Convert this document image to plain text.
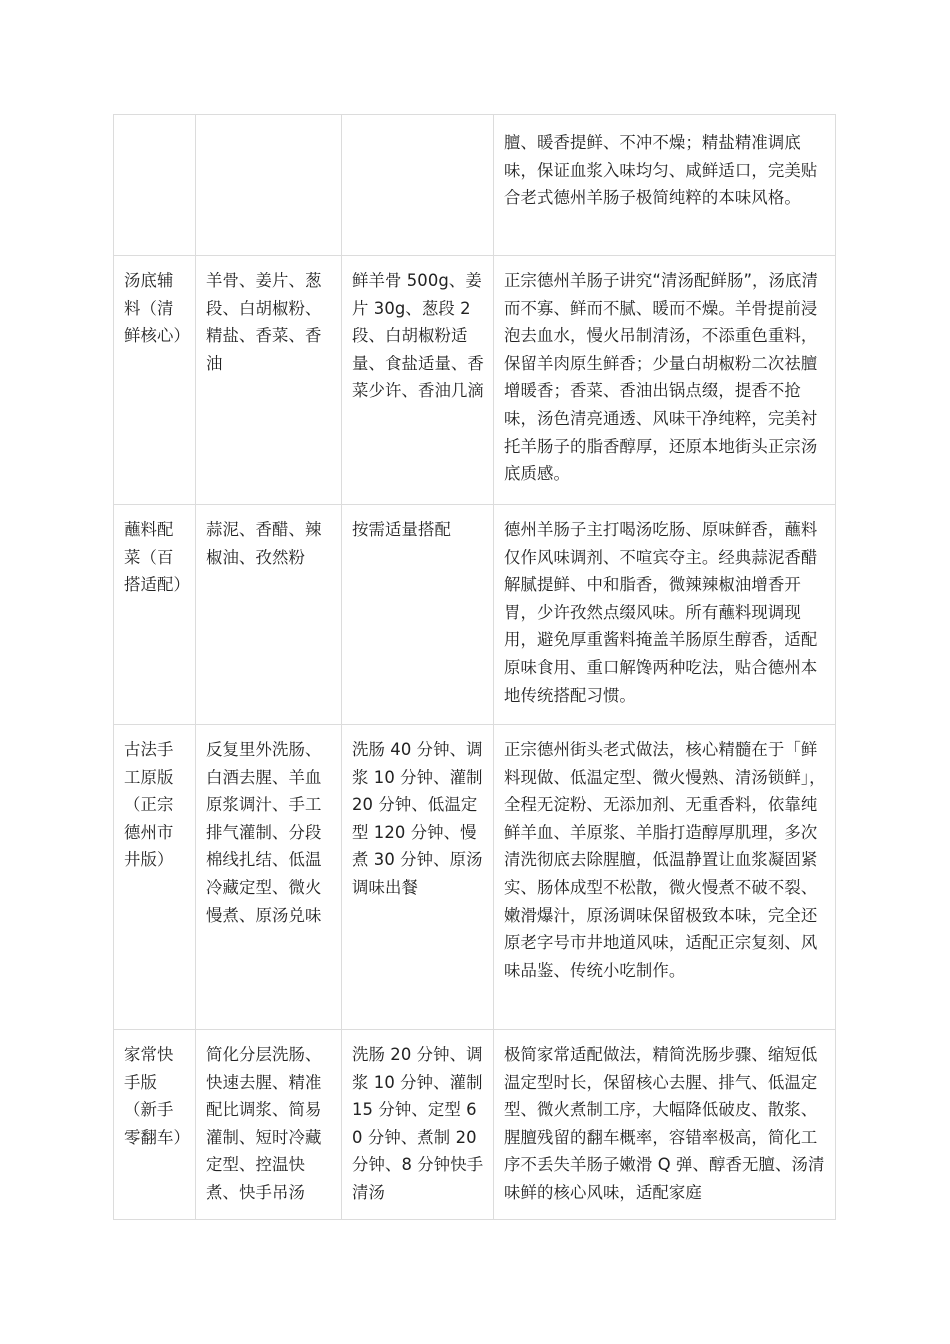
			膻、暖香提鲜、不冲不燥；精盐精准调底味，保证血浆入味均匀、咸鲜适口，完美贴合老式德州羊肠子极简纯粹的本味风格。

汤底辅料（清鲜核心）	羊骨、姜片、葱段、白胡椒粉、精盐、香菜、香油	鲜羊骨 500g、姜片 30g、葱段 2 段、白胡椒粉适量、食盐适量、香菜少许、香油几滴	正宗德州羊肠子讲究“清汤配鲜肠”，汤底清而不寡、鲜而不腻、暖而不燥。羊骨提前浸泡去血水，慢火吊制清汤，不添重色重料，保留羊肉原生鲜香；少量白胡椒粉二次祛膻增暖香；香菜、香油出锅点缀，提香不抢味，汤色清亮通透、风味干净纯粹，完美衬托羊肠子的脂香醇厚，还原本地街头正宗汤底质感。

蘸料配菜（百搭适配）	蒜泥、香醋、辣椒油、孜然粉	按需适量搭配	德州羊肠子主打喝汤吃肠、原味鲜香，蘸料仅作风味调剂、不喧宾夺主。经典蒜泥香醋解腻提鲜、中和脂香，微辣辣椒油增香开胃，少许孜然点缀风味。所有蘸料现调现用，避免厚重酱料掩盖羊肠原生醇香，适配原味食用、重口解馋两种吃法，贴合德州本地传统搭配习惯。

古法手工原版（正宗德州市井版）	反复里外洗肠、白酒去腥、羊血原浆调汁、手工排气灌制、分段棉线扎结、低温冷藏定型、微火慢煮、原汤兑味	洗肠 40 分钟、调浆 10 分钟、灌制 20 分钟、低温定型 120 分钟、慢煮 30 分钟、原汤调味出餐	正宗德州街头老式做法，核心精髓在于「鲜料现做、低温定型、微火慢熟、清汤锁鲜」，全程无淀粉、无添加剂、无重香料，依靠纯鲜羊血、羊原浆、羊脂打造醇厚肌理，多次清洗彻底去除腥膻，低温静置让血浆凝固紧实、肠体成型不松散，微火慢煮不破不裂、嫩滑爆汁，原汤调味保留极致本味，完全还原老字号市井地道风味，适配正宗复刻、风味品鉴、传统小吃制作。

家常快手版（新手零翻车）	简化分层洗肠、快速去腥、精准配比调浆、简易灌制、短时冷藏定型、控温快煮、快手吊汤	洗肠 20 分钟、调浆 10 分钟、灌制 15 分钟、定型 60 分钟、煮制 20 分钟、8 分钟快手清汤	极简家常适配做法，精简洗肠步骤、缩短低温定型时长，保留核心去腥、排气、低温定型、微火煮制工序，大幅降低破皮、散浆、腥膻残留的翻车概率，容错率极高，简化工序不丢失羊肠子嫩滑 Q 弹、醇香无膻、汤清味鲜的核心风味，适配家庭
